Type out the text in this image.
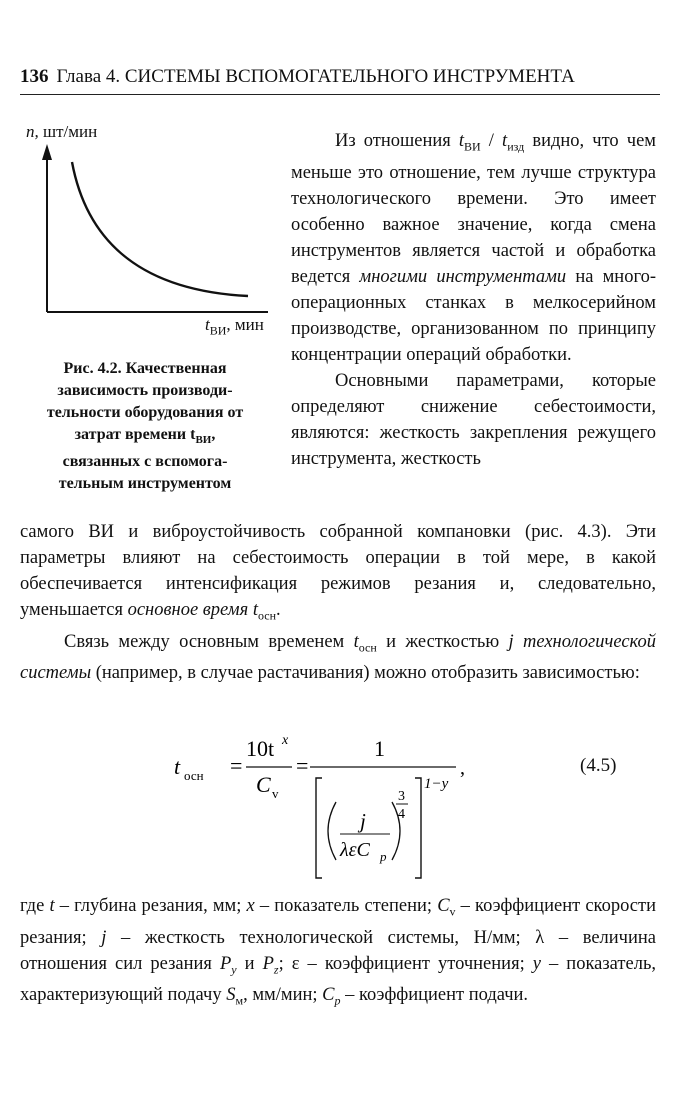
136 Глава 4. СИСТЕМЫ ВСПОМОГАТЕЛЬНОГО ИНСТРУМЕНТА
n, шт/мин
$t_{ВИ}$, мин
Рис. 4.2. Качественная
зависимость производи-
тельности оборудования от
затрат времени $t_{ВИ}$,
связанных с вспомога-
тельным инструментом

Из отношения $t_{ВИ} / t_{изд}$ видно, что чем меньше это отношение, тем лучше структура технологического времени. Это имеет особенно важное значение, когда смена инструментов является частой и обработка ведется многими инструментами на многооперационных станках в мелкосерийном производстве, организованном по принципу концентрации операций обработки.

Основными параметрами, которые определяют снижение себестоимости, являются: жесткость закрепления режущего инструмента, жесткость

самого ВИ и виброустойчивость собранной компановки (рис. 4.3). Эти параметры влияют на себестоимость операции в той мере, в какой обеспечивается интенсификация режимов резания и, следовательно, уменьшается основное время $t_{осн}$.

Связь между основным временем $t_{осн}$ и жесткостью j технологической системы (например, в случае растачивания) можно отобразить зависимостью:

t осн =
10t x
C v
=
1
j
λεC p
3
4
1−y
,	(4.5)

где t – глубина резания, мм; x – показатель степени; $C_v$ – коэффициент скорости резания; j – жесткость технологической системы, Н/мм; λ – величина отношения сил резания $P_y$ и $P_z$; ε – коэффициент уточнения; y – показатель, характеризующий подачу $S_м$, мм/мин; $C_p$ – коэффициент подачи.
